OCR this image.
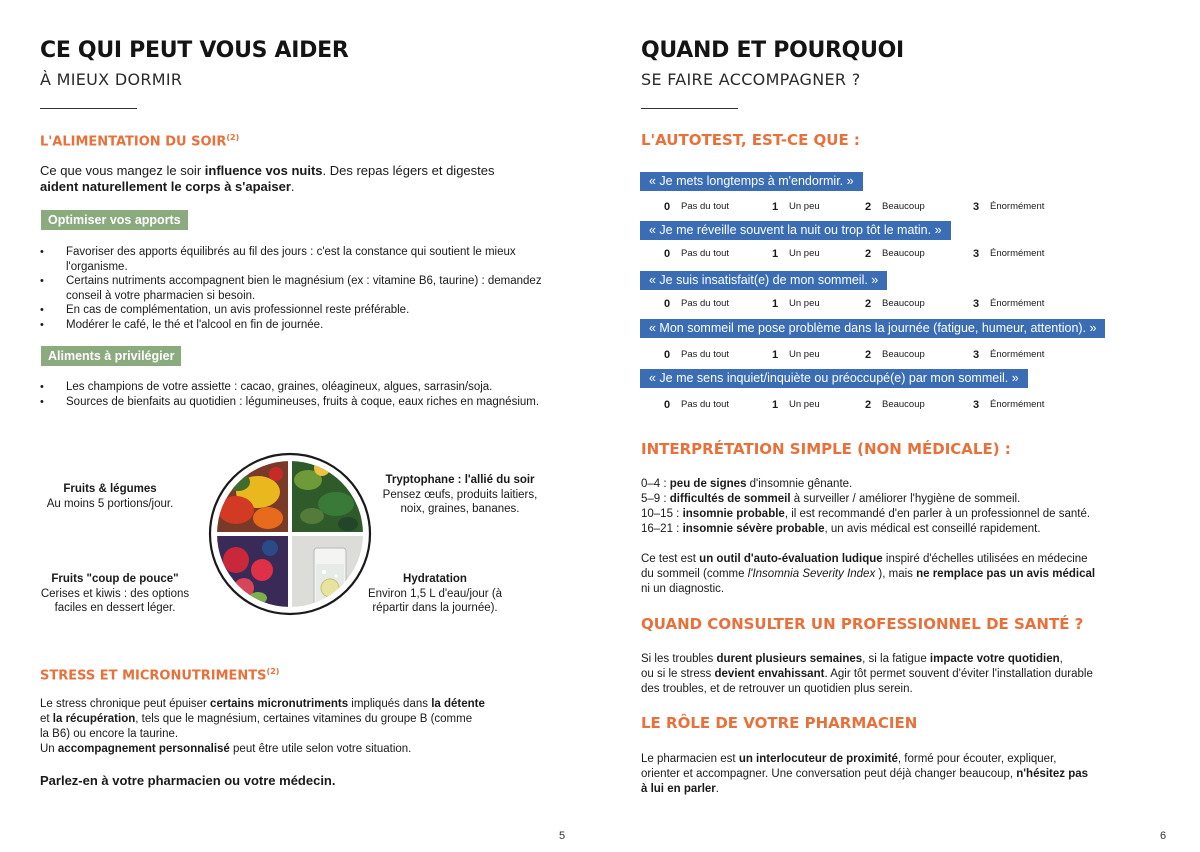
CE QUI PEUT VOUS AIDER
À MIEUX DORMIR
L'ALIMENTATION DU SOIR$^{(2)}$
Ce que vous mangez le soir influence vos nuits. Des repas légers et digestes
aident naturellement le corps à s'apaiser.
Optimiser vos apports
• Favoriser des apports équilibrés au fil des jours : c'est la constance qui soutient le mieux l'organisme.
• Certains nutriments accompagnent bien le magnésium (ex : vitamine B6, taurine) : demandez conseil à votre pharmacien si besoin.
• En cas de complémentation, un avis professionnel reste préférable.
• Modérer le café, le thé et l'alcool en fin de journée.
Aliments à privilégier
• Les champions de votre assiette : cacao, graines, oléagineux, algues, sarrasin/soja.
• Sources de bienfaits au quotidien : légumineuses, fruits à coque, eaux riches en magnésium.
Fruits & légumes
Au moins 5 portions/jour.
Tryptophane : l'allié du soir
Pensez œufs, produits laitiers, noix, graines, bananes.
Fruits "coup de pouce"
Cerises et kiwis : des options faciles en dessert léger.
Hydratation
Environ 1,5 L d'eau/jour (à répartir dans la journée).
STRESS ET MICRONUTRIMENTS$^{(2)}$
Le stress chronique peut épuiser certains micronutriments impliqués dans la détente
et la récupération, tels que le magnésium, certaines vitamines du groupe B (comme
la B6) ou encore la taurine.
Un accompagnement personnalisé peut être utile selon votre situation.
Parlez-en à votre pharmacien ou votre médecin.
5
QUAND ET POURQUOI
SE FAIRE ACCOMPAGNER ?
L'AUTOTEST, EST-CE QUE :
« Je mets longtemps à m'endormir. »
0 Pas du tout	1 Un peu	2 Beaucoup	3 Énormément
« Je me réveille souvent la nuit ou trop tôt le matin. »
0 Pas du tout	1 Un peu	2 Beaucoup	3 Énormément
« Je suis insatisfait(e) de mon sommeil. »
0 Pas du tout	1 Un peu	2 Beaucoup	3 Énormément
« Mon sommeil me pose problème dans la journée (fatigue, humeur, attention). »
0 Pas du tout	1 Un peu	2 Beaucoup	3 Énormément
« Je me sens inquiet/inquiète ou préoccupé(e) par mon sommeil. »
0 Pas du tout	1 Un peu	2 Beaucoup	3 Énormément
INTERPRÉTATION SIMPLE (NON MÉDICALE) :
0–4 : peu de signes d'insomnie gênante.
5–9 : difficultés de sommeil à surveiller / améliorer l'hygiène de sommeil.
10–15 : insomnie probable, il est recommandé d'en parler à un professionnel de santé.
16–21 : insomnie sévère probable, un avis médical est conseillé rapidement.
Ce test est un outil d'auto-évaluation ludique inspiré d'échelles utilisées en médecine
du sommeil (comme l'Insomnia Severity Index ), mais ne remplace pas un avis médical
ni un diagnostic.
QUAND CONSULTER UN PROFESSIONNEL DE SANTÉ ?
Si les troubles durent plusieurs semaines, si la fatigue impacte votre quotidien,
ou si le stress devient envahissant. Agir tôt permet souvent d'éviter l'installation durable
des troubles, et de retrouver un quotidien plus serein.
LE RÔLE DE VOTRE PHARMACIEN
Le pharmacien est un interlocuteur de proximité, formé pour écouter, expliquer,
orienter et accompagner. Une conversation peut déjà changer beaucoup, n'hésitez pas
à lui en parler.
6
